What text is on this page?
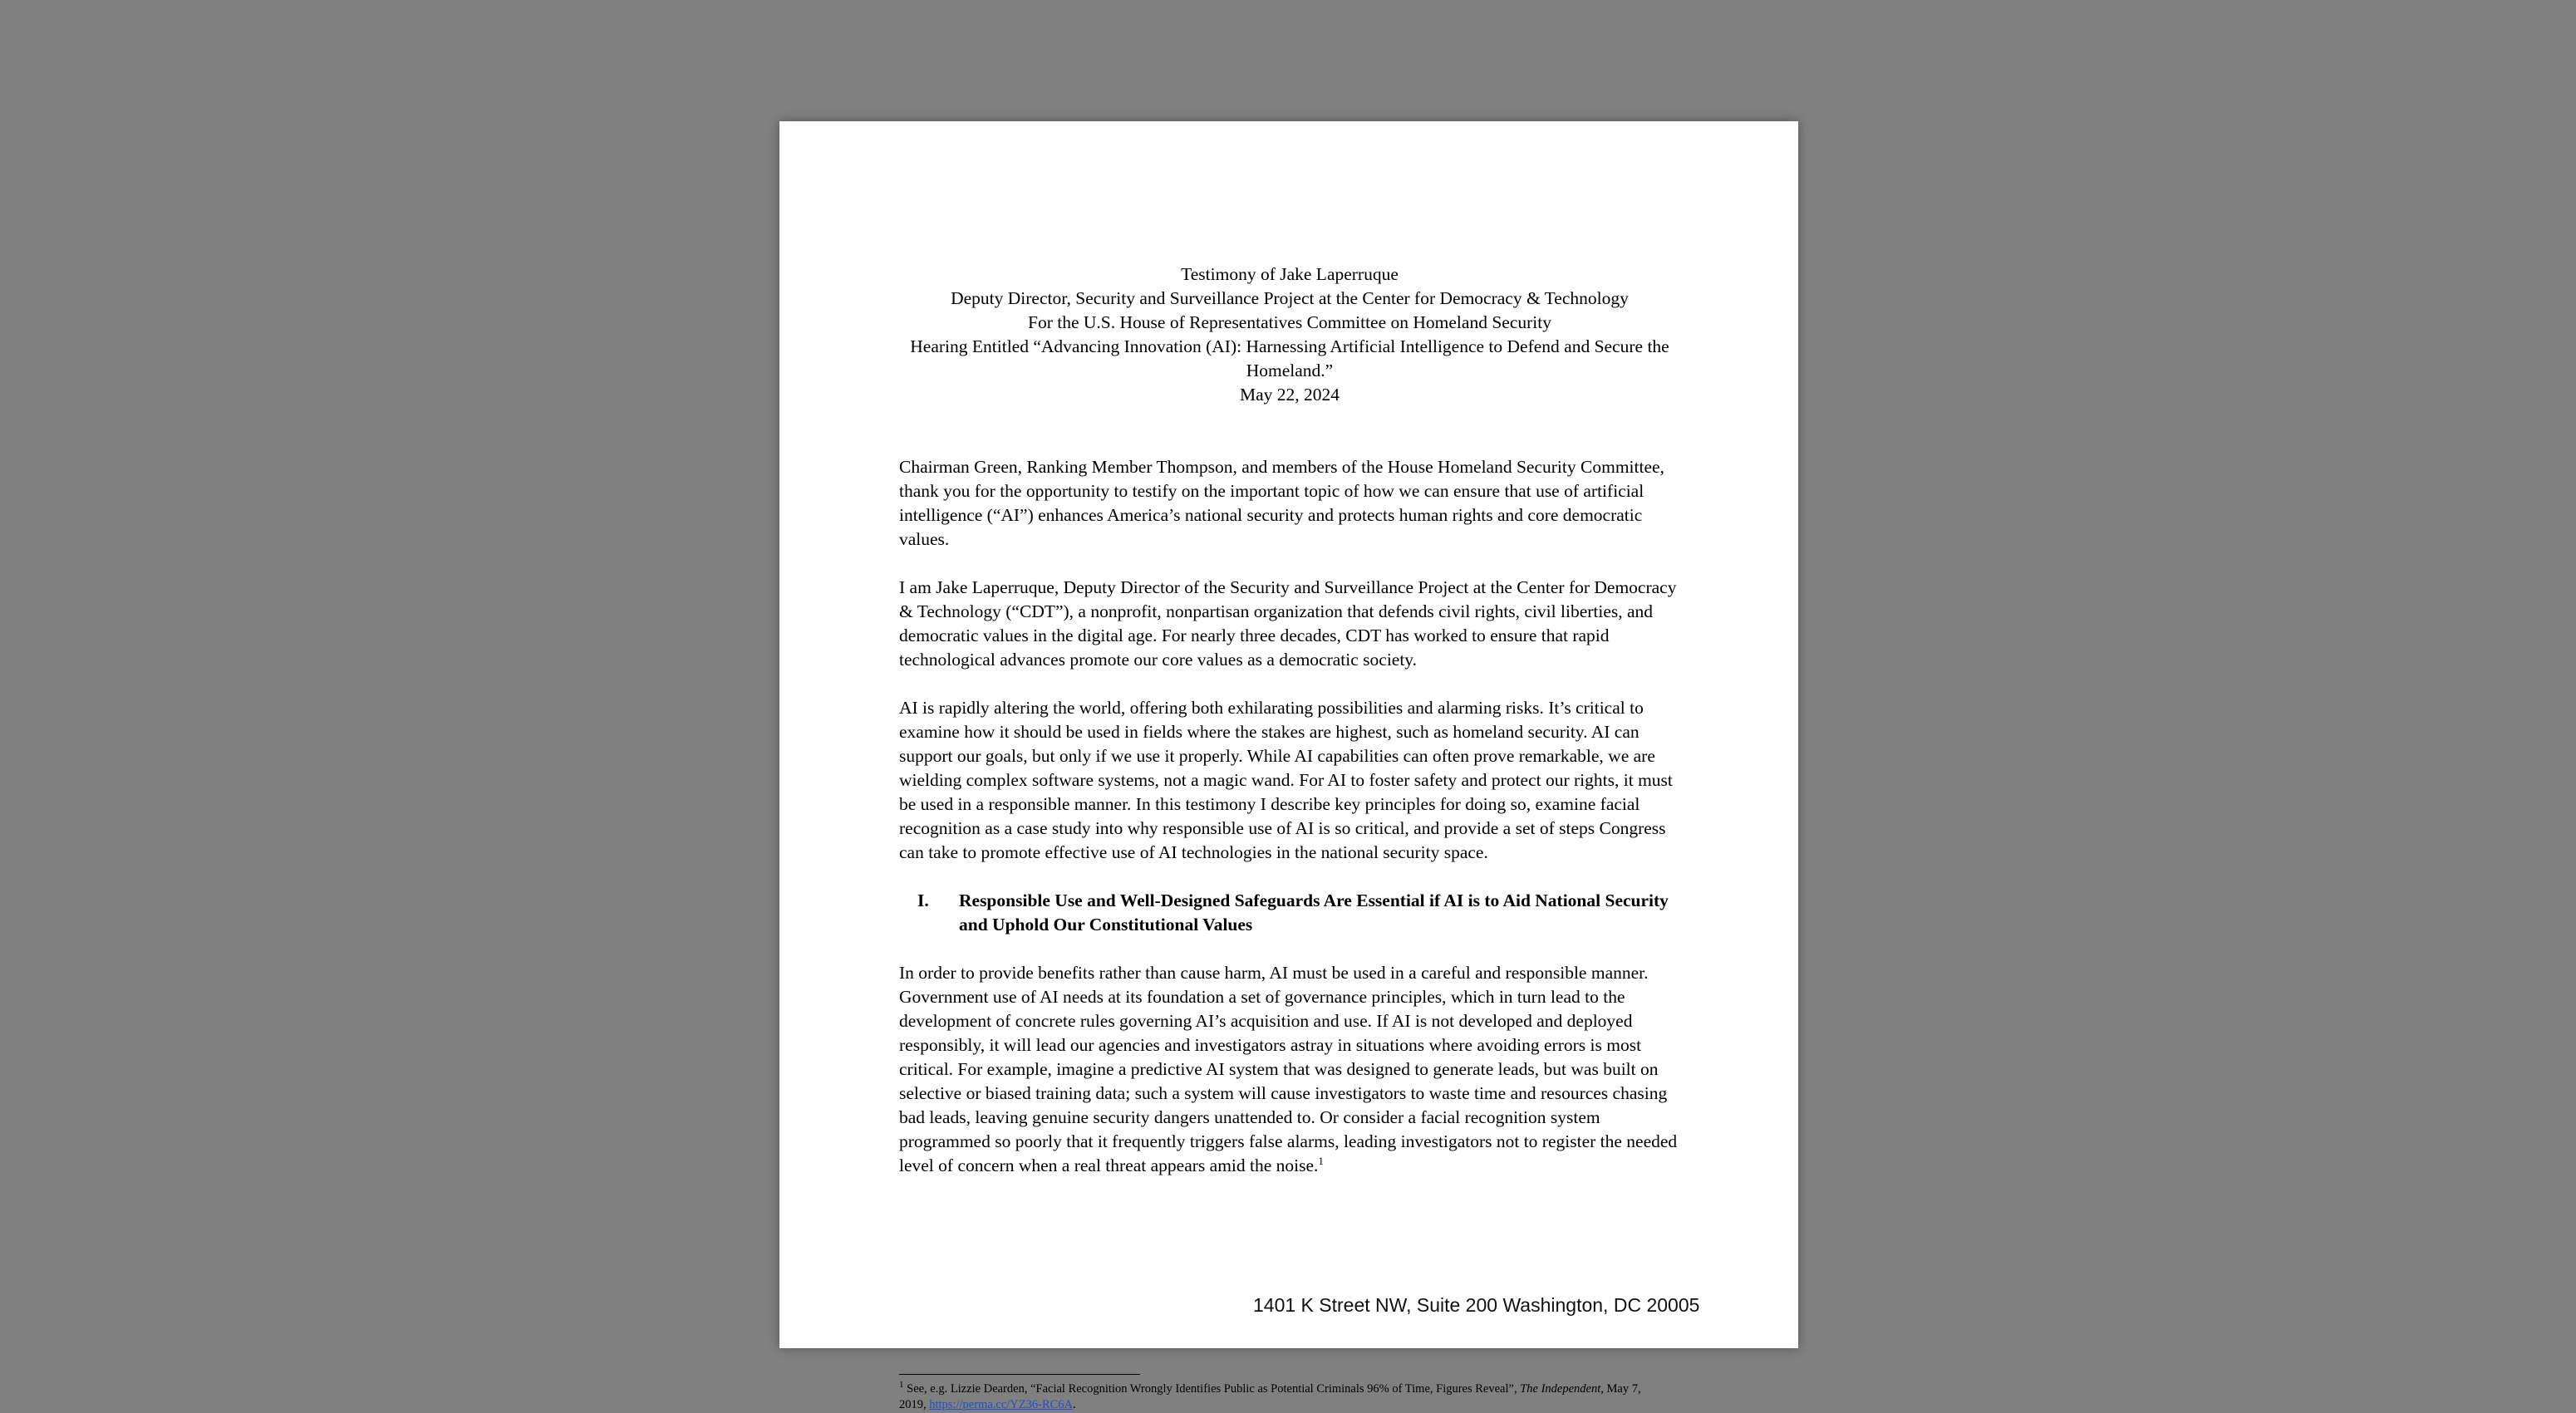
Testimony of Jake Laperruque
Deputy Director, Security and Surveillance Project at the Center for Democracy & Technology
For the U.S. House of Representatives Committee on Homeland Security
Hearing Entitled “Advancing Innovation (AI): Harnessing Artificial Intelligence to Defend and Secure the Homeland.”
May 22, 2024

Chairman Green, Ranking Member Thompson, and members of the House Homeland Security Committee, thank you for the opportunity to testify on the important topic of how we can ensure that use of artificial intelligence (“AI”) enhances America’s national security and protects human rights and core democratic values.

I am Jake Laperruque, Deputy Director of the Security and Surveillance Project at the Center for Democracy & Technology (“CDT”), a nonprofit, nonpartisan organization that defends civil rights, civil liberties, and democratic values in the digital age. For nearly three decades, CDT has worked to ensure that rapid technological advances promote our core values as a democratic society.

AI is rapidly altering the world, offering both exhilarating possibilities and alarming risks. It’s critical to examine how it should be used in fields where the stakes are highest, such as homeland security. AI can support our goals, but only if we use it properly. While AI capabilities can often prove remarkable, we are wielding complex software systems, not a magic wand. For AI to foster safety and protect our rights, it must be used in a responsible manner. In this testimony I describe key principles for doing so, examine facial recognition as a case study into why responsible use of AI is so critical, and provide a set of steps Congress can take to promote effective use of AI technologies in the national security space.

I.	Responsible Use and Well-Designed Safeguards Are Essential if AI is to Aid National Security and Uphold Our Constitutional Values

In order to provide benefits rather than cause harm, AI must be used in a careful and responsible manner. Government use of AI needs at its foundation a set of governance principles, which in turn lead to the development of concrete rules governing AI’s acquisition and use. If AI is not developed and deployed responsibly, it will lead our agencies and investigators astray in situations where avoiding errors is most critical. For example, imagine a predictive AI system that was designed to generate leads, but was built on selective or biased training data; such a system will cause investigators to waste time and resources chasing bad leads, leaving genuine security dangers unattended to. Or consider a facial recognition system programmed so poorly that it frequently triggers false alarms, leading investigators not to register the needed level of concern when a real threat appears amid the noise.$^1$

$^1$ See, e.g. Lizzie Dearden, “Facial Recognition Wrongly Identifies Public as Potential Criminals 96% of Time, Figures Reveal”, The Independent, May 7, 2019, https://perma.cc/YZ36-RC6A.
1401 K Street NW, Suite 200 Washington, DC 20005
